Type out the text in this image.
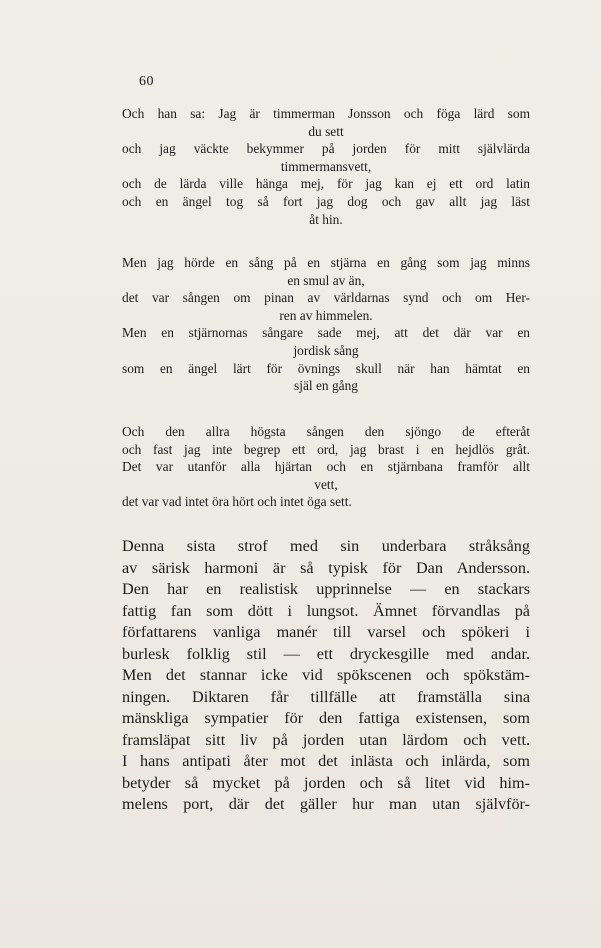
60
Och han sa: Jag är timmerman Jonsson och föga lärd som
du sett
och jag väckte bekymmer på jorden för mitt självlärda
timmermansvett,
och de lärda ville hänga mej, för jag kan ej ett ord latin
och en ängel tog så fort jag dog och gav allt jag läst
åt hin.
Men jag hörde en sång på en stjärna en gång som jag minns
en smul av än,
det var sången om pinan av världarnas synd och om Her-
ren av himmelen.
Men en stjärnornas sångare sade mej, att det där var en
jordisk sång
som en ängel lärt för övnings skull när han hämtat en
själ en gång
Och den allra högsta sången den sjöngo de efteråt
och fast jag inte begrep ett ord, jag brast i en hejdlös gråt.
Det var utanför alla hjärtan och en stjärnbana framför allt
vett,
det var vad intet öra hört och intet öga sett.
Denna sista strof med sin underbara stråksång
av särisk harmoni är så typisk för Dan Andersson.
Den har en realistisk upprinnelse — en stackars
fattig fan som dött i lungsot. Ämnet förvandlas på
författarens vanliga manér till varsel och spökeri i
burlesk folklig stil — ett dryckesgille med andar.
Men det stannar icke vid spökscenen och spökstäm-
ningen. Diktaren får tillfälle att framställa sina
mänskliga sympatier för den fattiga existensen, som
framsläpat sitt liv på jorden utan lärdom och vett.
I hans antipati åter mot det inlästa och inlärda, som
betyder så mycket på jorden och så litet vid him-
melens port, där det gäller hur man utan självför-
